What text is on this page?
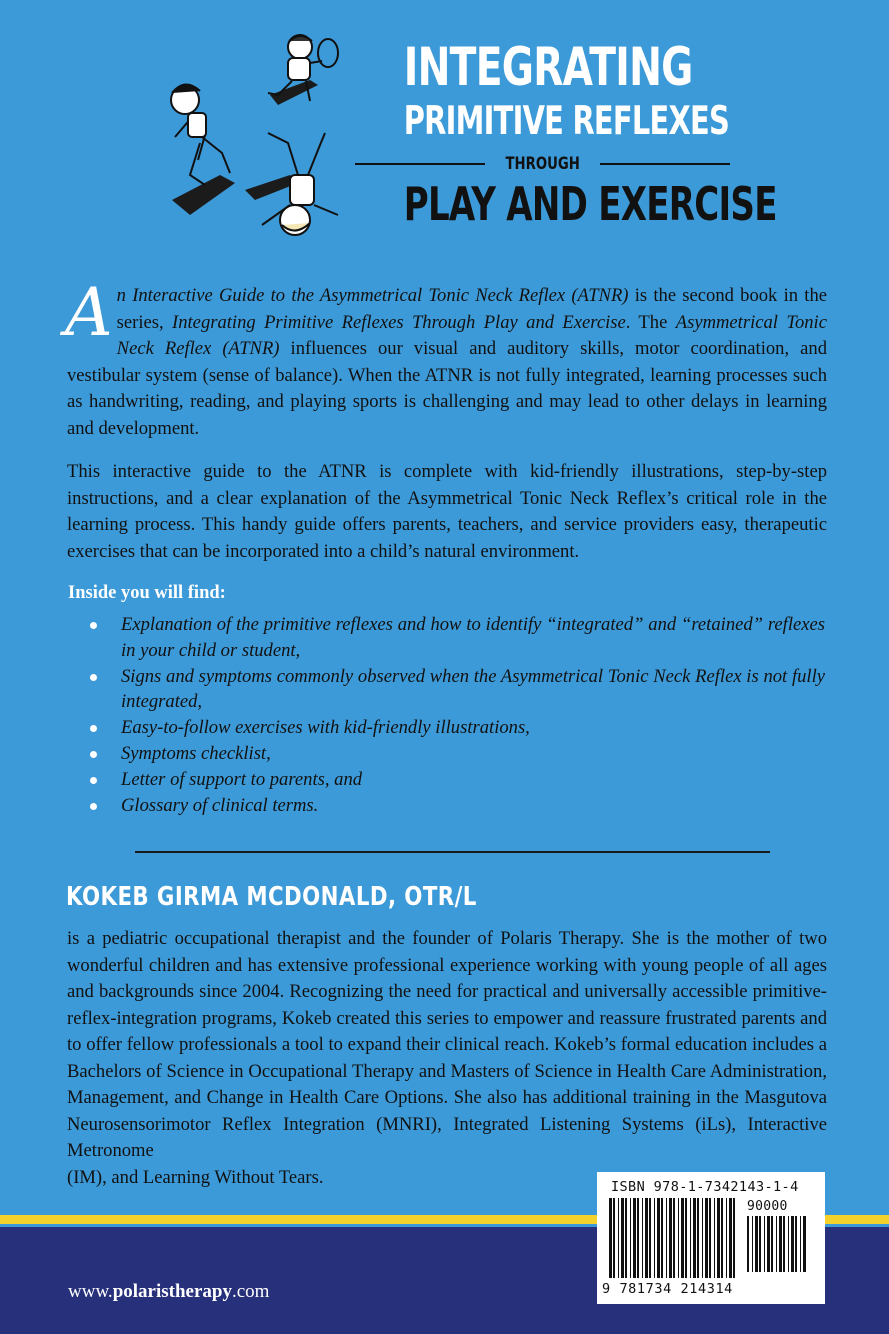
INTEGRATING
PRIMITIVE REFLEXES
THROUGH
PLAY AND EXERCISE

An Interactive Guide to the Asymmetrical Tonic Neck Reflex (ATNR) is the second book in the series, Integrating Primitive Reflexes Through Play and Exercise. The Asymmetrical Tonic Neck Reflex (ATNR) influences our visual and auditory skills, motor coordination, and vestibular system (sense of balance). When the ATNR is not fully integrated, learning processes such as handwriting, reading, and playing sports is challenging and may lead to other delays in learning and development.

This interactive guide to the ATNR is complete with kid-friendly illustrations, step-by-step instructions, and a clear explanation of the Asymmetrical Tonic Neck Reflex’s critical role in the learning process. This handy guide offers parents, teachers, and service providers easy, therapeutic exercises that can be incorporated into a child’s natural environment.

Inside you will find:

Explanation of the primitive reflexes and how to identify “integrated” and “retained” reflexes in your child or student,
Signs and symptoms commonly observed when the Asymmetrical Tonic Neck Reflex is not fully integrated,
Easy-to-follow exercises with kid-friendly illustrations,
Symptoms checklist,
Letter of support to parents, and
Glossary of clinical terms.
KOKEB GIRMA MCDONALD, OTR/L

is a pediatric occupational therapist and the founder of Polaris Therapy. She is the mother of two wonderful children and has extensive professional experience working with young people of all ages and backgrounds since 2004. Recognizing the need for practical and universally accessible primitive-reflex-integration programs, Kokeb created this series to empower and reassure frustrated parents and to offer fellow professionals a tool to expand their clinical reach. Kokeb’s formal education includes a Bachelors of Science in Occupational Therapy and Masters of Science in Health Care Administration, Management, and Change in Health Care Options. She also has additional training in the Masgutova Neurosensorimotor Reflex Integration (MNRI), Integrated Listening Systems (iLs), Interactive Metronome
(IM), and Learning Without Tears.

www.polaristherapy.com
ISBN 978-1-7342143-1-4
90000
9 781734 214314
